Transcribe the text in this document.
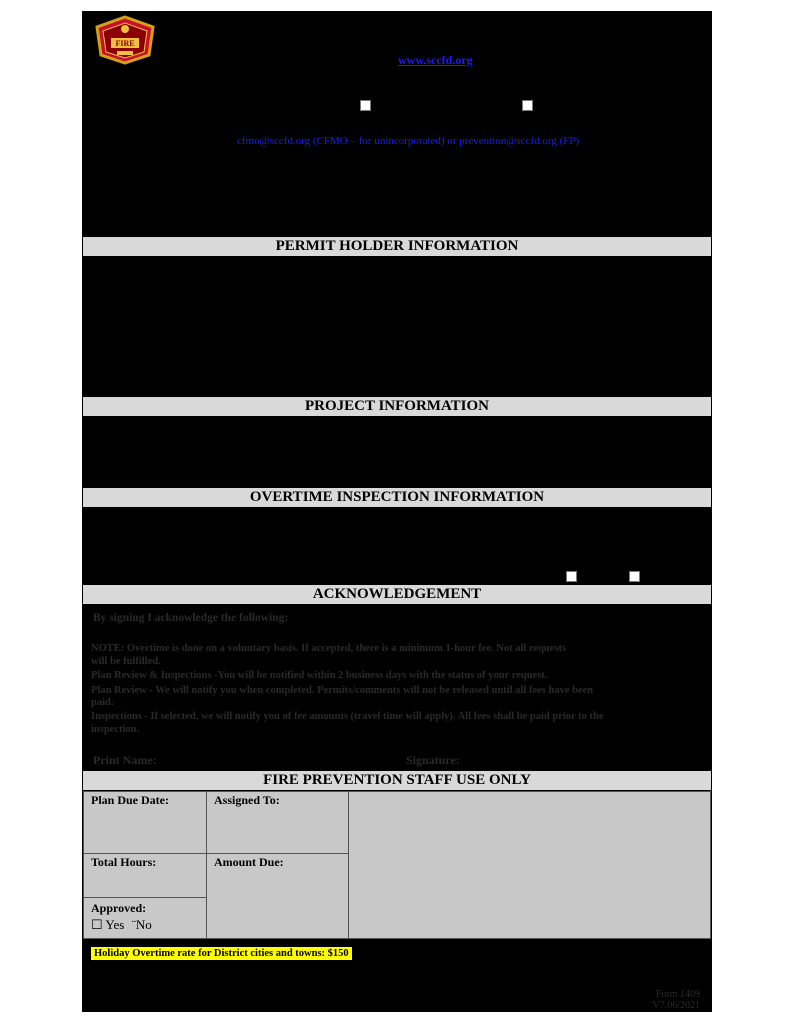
FIRE
www.sccfd.org
cfmo@sccfd.org (CFMO – for unincorporated) or prevention@sccfd.org (FP)
PERMIT HOLDER INFORMATION
PROJECT INFORMATION
OVERTIME INSPECTION INFORMATION
ACKNOWLEDGEMENT
By signing I acknowledge the following:
NOTE: Overtime is done on a voluntary basis. If accepted, there is a minimum 1-hour fee. Not all requests
will be fulfilled.
Plan Review & Inspections -You will be notified within 2 business days with the status of your request.
Plan Review - We will notify you when completed. Permits/comments will not be released until all fees have been
paid.
Inspections - If selected, we will notify you of fee amounts (travel time will apply). All fees shall be paid prior to the
inspection.
Print Name:	Signature:
FIRE PREVENTION STAFF USE ONLY
Plan Due Date:	Assigned To:
Total Hours:	Amount Due:
Approved:
☐ Yes ¨No
Holiday Overtime rate for District cities and towns: $150
Form 1409
V7.06/2021
